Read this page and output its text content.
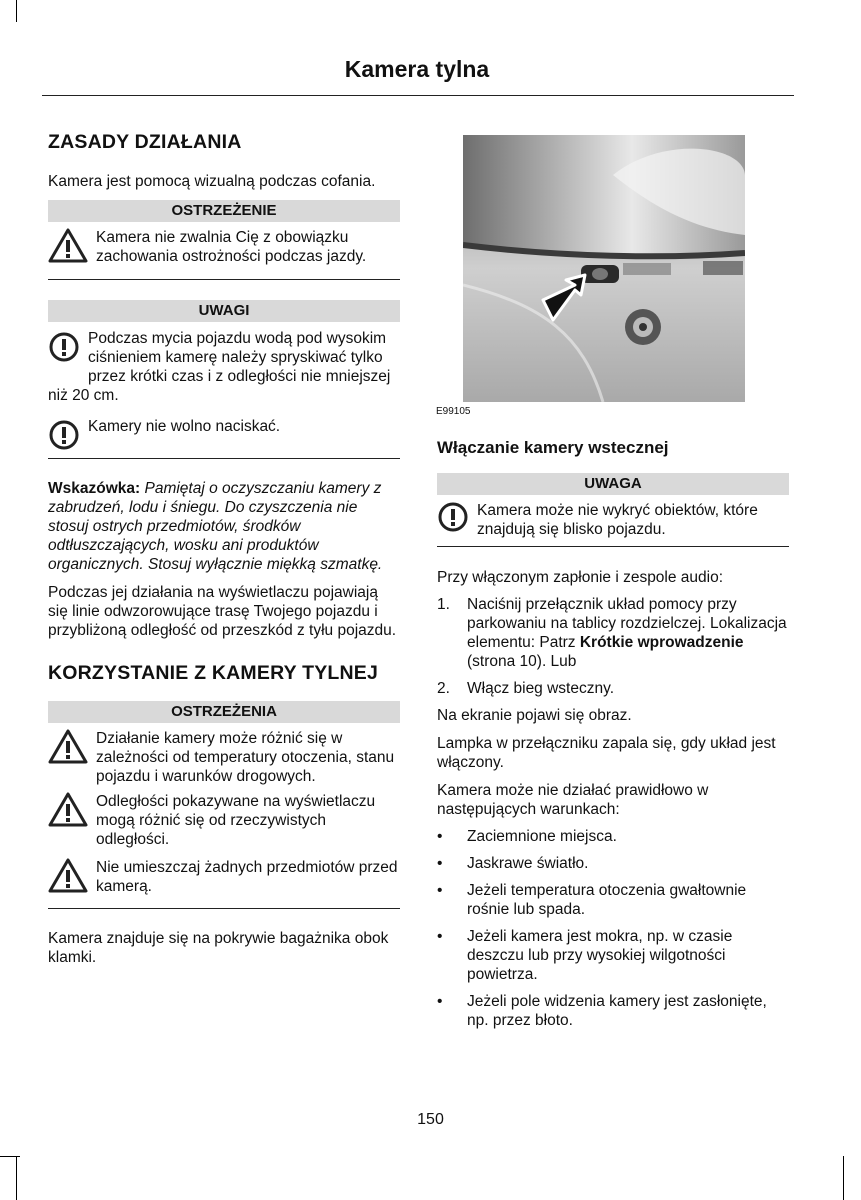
Kamera tylna
ZASADY DZIAŁANIA

Kamera jest pomocą wizualną podczas cofania.

OSTRZEŻENIE

Kamera nie zwalnia Cię z obowiązku zachowania ostrożności podczas jazdy.

UWAGI

Podczas mycia pojazdu wodą pod wysokim ciśnieniem kamerę należy spryskiwać tylko przez krótki czas i z odległości nie mniejszej niż 20 cm.

Kamery nie wolno naciskać.

Wskazówka: Pamiętaj o oczyszczaniu kamery z zabrudzeń, lodu i śniegu. Do czyszczenia nie stosuj ostrych przedmiotów, środków odtłuszczających, wosku ani produktów organicznych. Stosuj wyłącznie miękką szmatkę.

Podczas jej działania na wyświetlaczu pojawiają się linie odwzorowujące trasę Twojego pojazdu i przybliżoną odległość od przeszkód z tyłu pojazdu.

KORZYSTANIE Z KAMERY TYLNEJ
OSTRZEŻENIA

Działanie kamery może różnić się w zależności od temperatury otoczenia, stanu pojazdu i warunków drogowych.

Odległości pokazywane na wyświetlaczu mogą różnić się od rzeczywistych odległości.

Nie umieszczaj żadnych przedmiotów przed kamerą.

Kamera znajduje się na pokrywie bagażnika obok klamki.

E99105
Włączanie kamery wstecznej
UWAGA

Kamera może nie wykryć obiektów, które znajdują się blisko pojazdu.

Przy włączonym zapłonie i zespole audio:

1. Naciśnij przełącznik układ pomocy przy parkowaniu na tablicy rozdzielczej. Lokalizacja elementu: Patrz Krótkie wprowadzenie (strona 10). Lub
2. Włącz bieg wsteczny.

Na ekranie pojawi się obraz.

Lampka w przełączniku zapala się, gdy układ jest włączony.

Kamera może nie działać prawidłowo w następujących warunkach:

• Zaciemnione miejsca.
• Jaskrawe światło.
• Jeżeli temperatura otoczenia gwałtownie rośnie lub spada.
• Jeżeli kamera jest mokra, np. w czasie deszczu lub przy wysokiej wilgotności powietrza.
• Jeżeli pole widzenia kamery jest zasłonięte, np. przez błoto.
150
